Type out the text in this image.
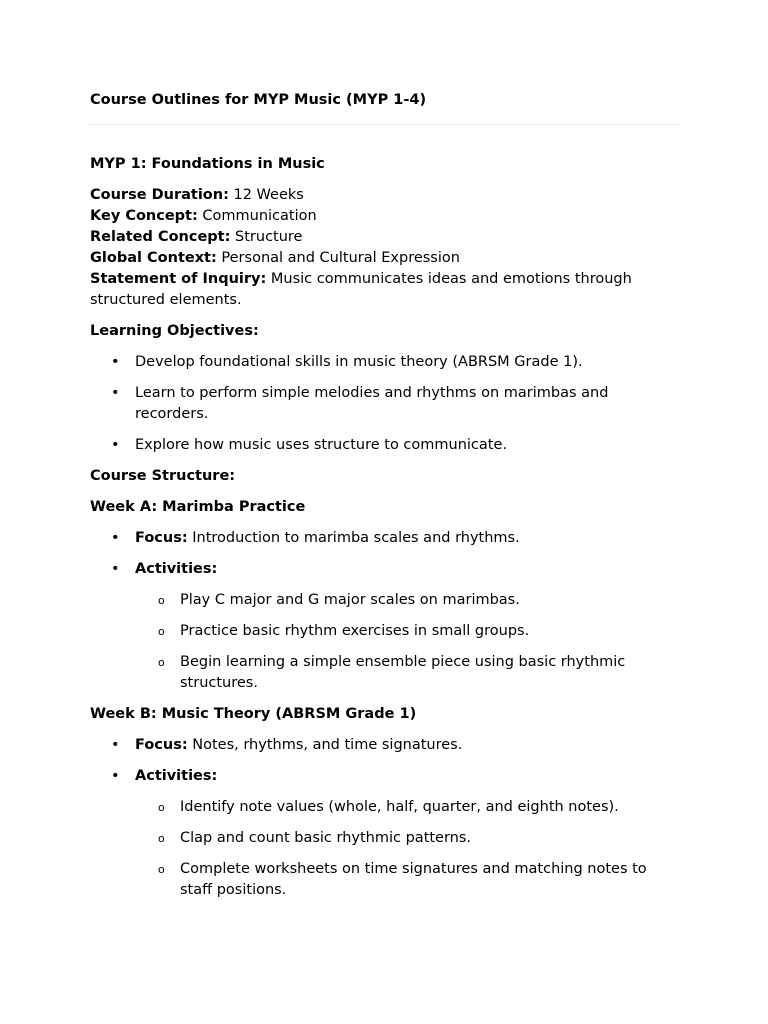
Course Outlines for MYP Music (MYP 1-4)
MYP 1: Foundations in Music
Course Duration: 12 Weeks
Key Concept: Communication
Related Concept: Structure
Global Context: Personal and Cultural Expression
Statement of Inquiry: Music communicates ideas and emotions through structured elements.
Learning Objectives:
• Develop foundational skills in music theory (ABRSM Grade 1).
• Learn to perform simple melodies and rhythms on marimbas and recorders.
• Explore how music uses structure to communicate.
Course Structure:
Week A: Marimba Practice
• Focus: Introduction to marimba scales and rhythms.
• Activities:
o Play C major and G major scales on marimbas.
o Practice basic rhythm exercises in small groups.
o Begin learning a simple ensemble piece using basic rhythmic structures.
Week B: Music Theory (ABRSM Grade 1)
• Focus: Notes, rhythms, and time signatures.
• Activities:
o Identify note values (whole, half, quarter, and eighth notes).
o Clap and count basic rhythmic patterns.
o Complete worksheets on time signatures and matching notes to staff positions.
